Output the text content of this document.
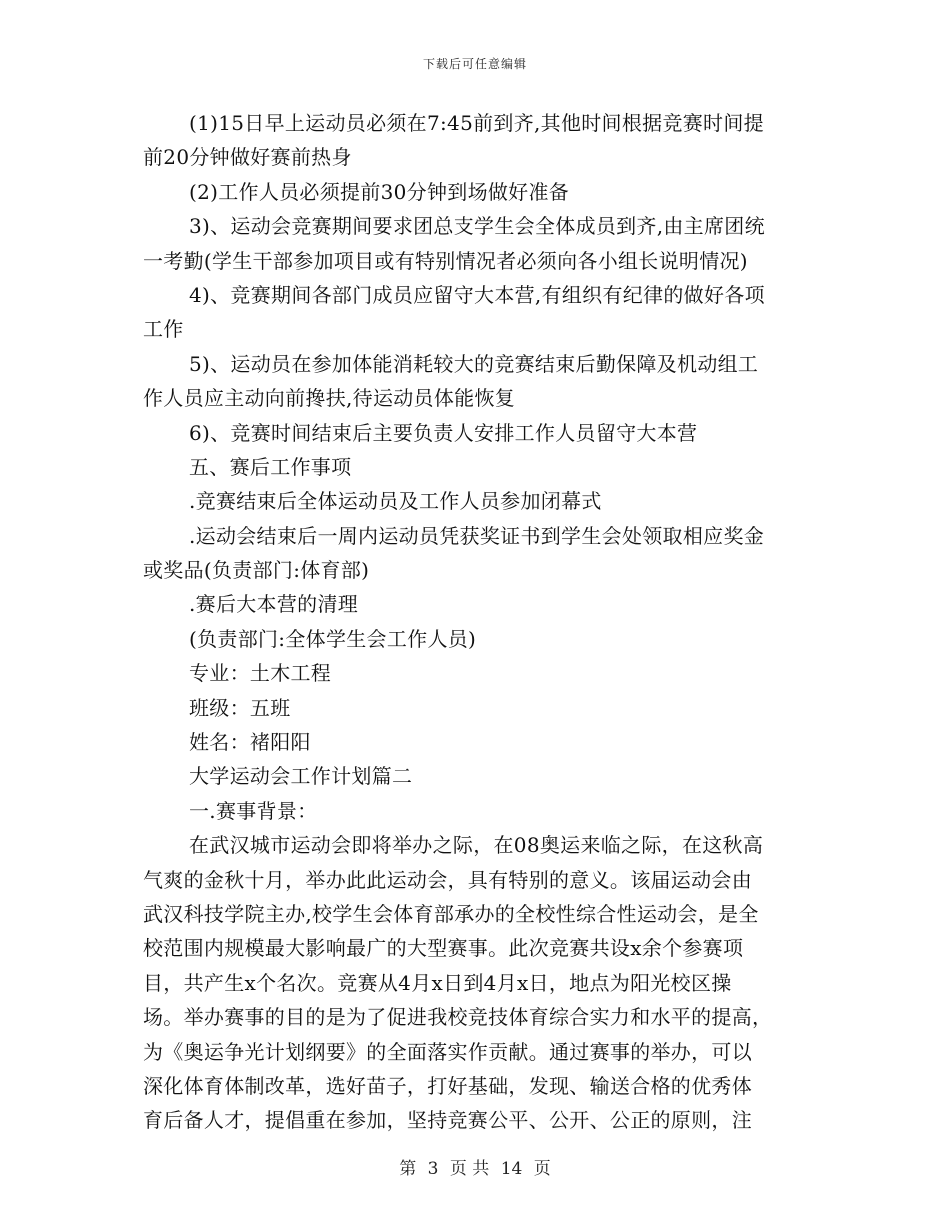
下载后可任意编辑
(1)15日早上运动员必须在7:45前到齐,其他时间根据竞赛时间提
前20分钟做好赛前热身
(2)工作人员必须提前30分钟到场做好准备
3)、运动会竞赛期间要求团总支学生会全体成员到齐,由主席团统
一考勤(学生干部参加项目或有特别情况者必须向各小组长说明情况)
4)、竞赛期间各部门成员应留守大本营,有组织有纪律的做好各项
工作
5)、运动员在参加体能消耗较大的竞赛结束后勤保障及机动组工
作人员应主动向前搀扶,待运动员体能恢复
6)、竞赛时间结束后主要负责人安排工作人员留守大本营
五、赛后工作事项
.竞赛结束后全体运动员及工作人员参加闭幕式
.运动会结束后一周内运动员凭获奖证书到学生会处领取相应奖金
或奖品(负责部门:体育部)
.赛后大本营的清理
(负责部门:全体学生会工作人员)
专业：土木工程
班级：五班
姓名：褚阳阳
大学运动会工作计划篇二
一.赛事背景：
在武汉城市运动会即将举办之际，在08奥运来临之际，在这秋高
气爽的金秋十月，举办此此运动会，具有特别的意义。该届运动会由
武汉科技学院主办,校学生会体育部承办的全校性综合性运动会，是全
校范围内规模最大影响最广的大型赛事。此次竞赛共设x余个参赛项
目，共产生x个名次。竞赛从4月x日到4月x日，地点为阳光校区操
场。举办赛事的目的是为了促进我校竞技体育综合实力和水平的提高，
为《奥运争光计划纲要》的全面落实作贡献。通过赛事的举办，可以
深化体育体制改革，选好苗子，打好基础，发现、输送合格的优秀体
育后备人才，提倡重在参加，坚持竞赛公平、公开、公正的原则，注
第 3 页 共 14 页
